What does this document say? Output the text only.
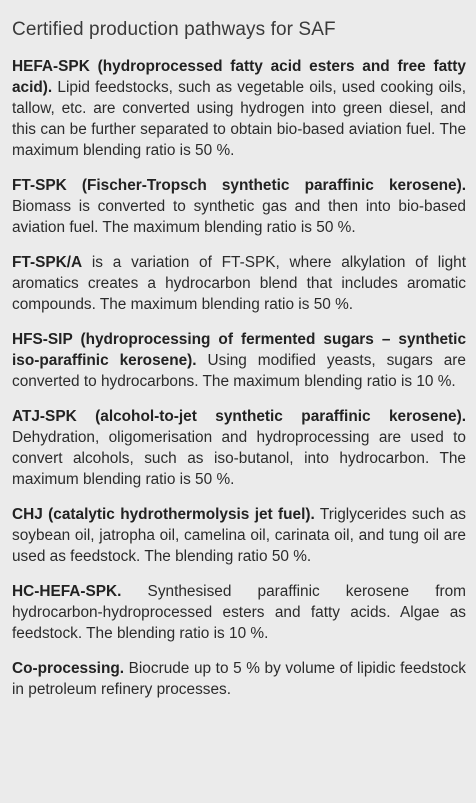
Certified production pathways for SAF

HEFA-SPK (hydroprocessed fatty acid esters and free fatty acid). Lipid feedstocks, such as vegetable oils, used cooking oils, tallow, etc. are converted using hydrogen into green diesel, and this can be further separated to obtain bio-based aviation fuel. The maximum blending ratio is 50 %.

FT-SPK (Fischer-Tropsch synthetic paraffinic kerosene). Biomass is converted to synthetic gas and then into bio-based aviation fuel. The maximum blending ratio is 50 %.

FT-SPK/A is a variation of FT-SPK, where alkylation of light aromatics creates a hydrocarbon blend that includes aromatic compounds. The maximum blending ratio is 50 %.

HFS-SIP (hydroprocessing of fermented sugars – synthetic iso-paraffinic kerosene). Using modified yeasts, sugars are converted to hydrocarbons. The maximum blending ratio is 10 %.

ATJ-SPK (alcohol-to-jet synthetic paraffinic kerosene). Dehydration, oligomerisation and hydroprocessing are used to convert alcohols, such as iso-butanol, into hydrocarbon. The maximum blending ratio is 50 %.

CHJ (catalytic hydrothermolysis jet fuel). Triglycerides such as soybean oil, jatropha oil, camelina oil, carinata oil, and tung oil are used as feedstock. The blending ratio 50 %.

HC-HEFA-SPK. Synthesised paraffinic kerosene from hydrocarbon-hydroprocessed esters and fatty acids. Algae as feedstock. The blending ratio is 10 %.

Co-processing. Biocrude up to 5 % by volume of lipidic feedstock in petroleum refinery processes.
